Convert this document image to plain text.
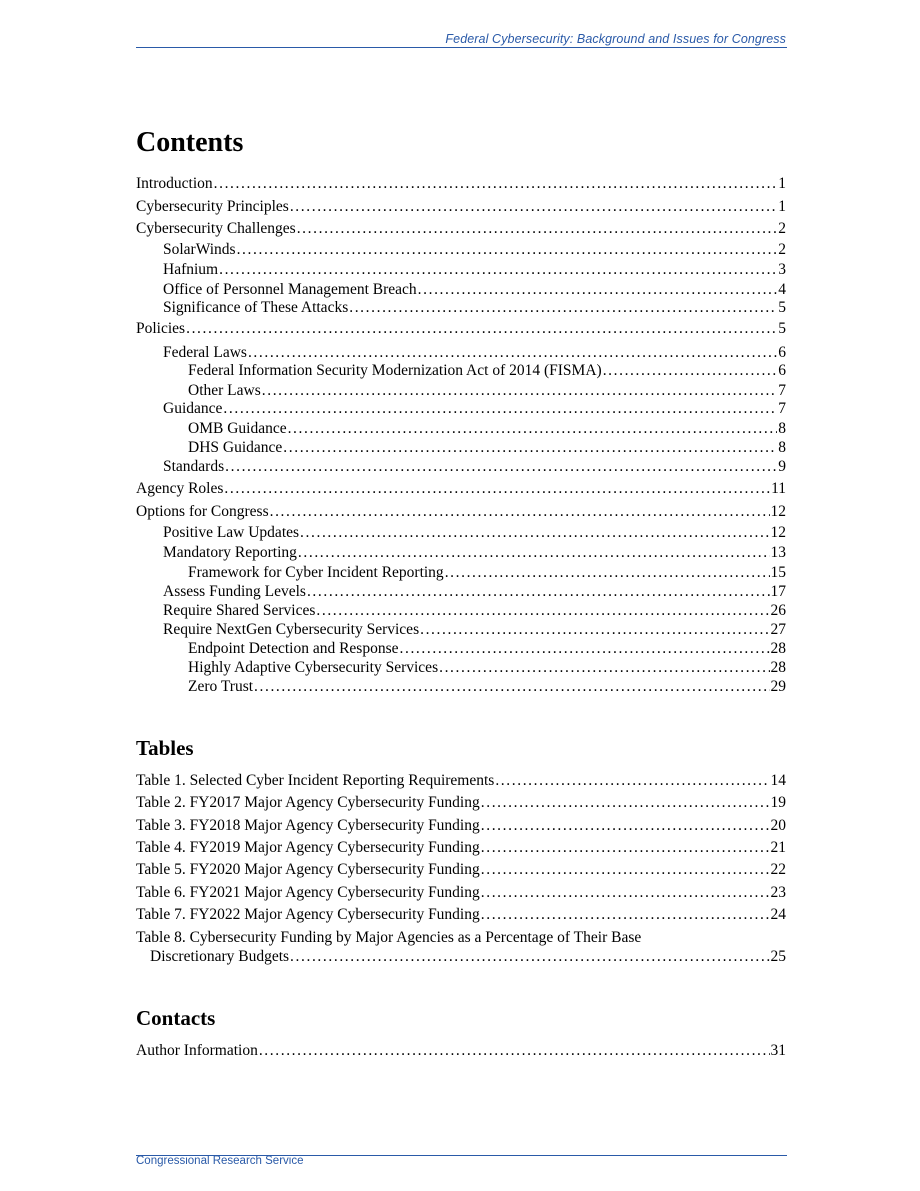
Federal Cybersecurity: Background and Issues for Congress
Contents
Introduction .....	1
Cybersecurity Principles .....	1
Cybersecurity Challenges .....	2
SolarWinds .....	2
Hafnium .....	3
Office of Personnel Management Breach .....	4
Significance of These Attacks .....	5
Policies .....	5
Federal Laws .....	6
Federal Information Security Modernization Act of 2014 (FISMA) .....	6
Other Laws .....	7
Guidance .....	7
OMB Guidance .....	8
DHS Guidance .....	8
Standards .....	9
Agency Roles .....	11
Options for Congress .....	12
Positive Law Updates .....	12
Mandatory Reporting .....	13
Framework for Cyber Incident Reporting .....	15
Assess Funding Levels .....	17
Require Shared Services .....	26
Require NextGen Cybersecurity Services .....	27
Endpoint Detection and Response .....	28
Highly Adaptive Cybersecurity Services .....	28
Zero Trust .....	29
Tables
Table 1. Selected Cyber Incident Reporting Requirements .....	14
Table 2. FY2017 Major Agency Cybersecurity Funding .....	19
Table 3. FY2018 Major Agency Cybersecurity Funding .....	20
Table 4. FY2019 Major Agency Cybersecurity Funding .....	21
Table 5. FY2020 Major Agency Cybersecurity Funding .....	22
Table 6. FY2021 Major Agency Cybersecurity Funding .....	23
Table 7. FY2022 Major Agency Cybersecurity Funding .....	24
Table 8. Cybersecurity Funding by Major Agencies as a Percentage of Their Base
Discretionary Budgets .....	25
Contacts
Author Information .....	31
Congressional Research Service
